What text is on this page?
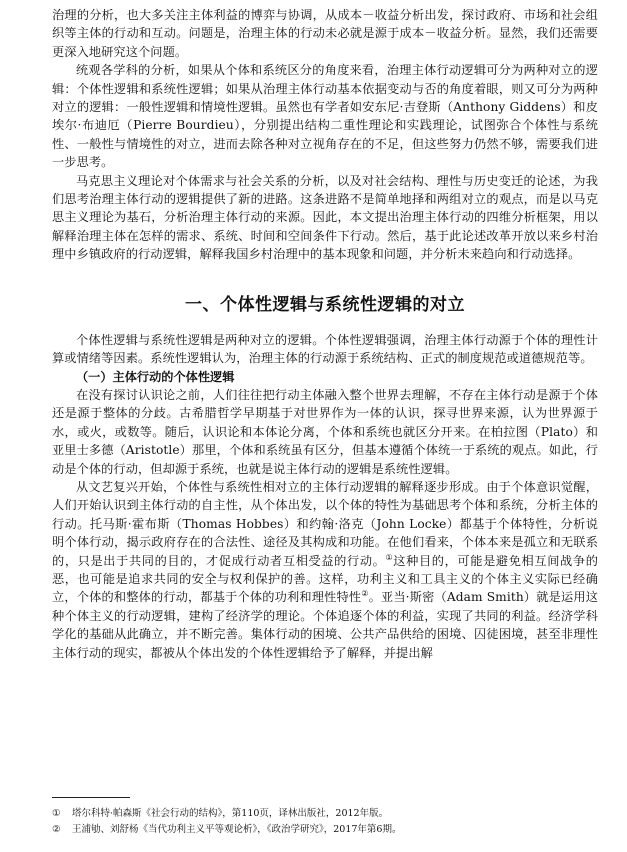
治理的分析，也大多关注主体利益的博弈与协调，从成本－收益分析出发，探讨政府、市场和社会组织等主体的行动和互动。问题是，治理主体的行动未必就是源于成本－收益分析。显然，我们还需要更深入地研究这个问题。

统观各学科的分析，如果从个体和系统区分的角度来看，治理主体行动逻辑可分为两种对立的逻辑：个体性逻辑和系统性逻辑；如果从治理主体行动基本依据变动与否的角度着眼，则又可分为两种对立的逻辑：一般性逻辑和情境性逻辑。虽然也有学者如安东尼·吉登斯（Anthony Giddens）和皮埃尔·布迪厄（Pierre Bourdieu），分别提出结构二重性理论和实践理论，试图弥合个体性与系统性、一般性与情境性的对立，进而去除各种对立视角存在的不足，但这些努力仍然不够，需要我们进一步思考。

马克思主义理论对个体需求与社会关系的分析，以及对社会结构、理性与历史变迁的论述，为我们思考治理主体行动的逻辑提供了新的进路。这条进路不是简单地择和两组对立的观点，而是以马克思主义理论为基石，分析治理主体行动的来源。因此，本文提出治理主体行动的四维分析框架，用以解释治理主体在怎样的需求、系统、时间和空间条件下行动。然后，基于此论述改革开放以来乡村治理中乡镇政府的行动逻辑，解释我国乡村治理中的基本现象和问题，并分析未来趋向和行动选择。

一、个体性逻辑与系统性逻辑的对立

个体性逻辑与系统性逻辑是两种对立的逻辑。个体性逻辑强调，治理主体行动源于个体的理性计算或情绪等因素。系统性逻辑认为，治理主体的行动源于系统结构、正式的制度规范或道德规范等。

（一）主体行动的个体性逻辑

在没有探讨认识论之前，人们往往把行动主体融入整个世界去理解，不存在主体行动是源于个体还是源于整体的分歧。古希腊哲学早期基于对世界作为一体的认识，探寻世界来源，认为世界源于水，或火，或数等。随后，认识论和本体论分离，个体和系统也就区分开来。在柏拉图（Plato）和亚里士多德（Aristotle）那里，个体和系统虽有区分，但基本遵循个体统一于系统的观点。如此，行动是个体的行动，但却源于系统，也就是说主体行动的逻辑是系统性逻辑。

从文艺复兴开始，个体性与系统性相对立的主体行动逻辑的解释逐步形成。由于个体意识觉醒，人们开始认识到主体行动的自主性，从个体出发，以个体的特性为基础思考个体和系统，分析主体的行动。托马斯·霍布斯（Thomas Hobbes）和约翰·洛克（John Locke）都基于个体特性，分析说明个体行动，揭示政府存在的合法性、途径及其构成和功能。在他们看来，个体本来是孤立和无联系的，只是出于共同的目的，才促成行动者互相受益的行动。①这种目的，可能是避免相互间战争的恶，也可能是追求共同的安全与权利保护的善。这样，功利主义和工具主义的个体主义实际已经确立，个体的和整体的行动，都基于个体的功利和理性特性②。亚当·斯密（Adam Smith）就是运用这种个体主义的行动逻辑，建构了经济学的理论。个体追逐个体的利益，实现了共同的利益。经济学科学化的基础从此确立，并不断完善。集体行动的困境、公共产品供给的困境、囚徒困境，甚至非理性主体行动的现实，都被从个体出发的个体性逻辑给予了解释，并提出解

①	塔尔科特·帕森斯《社会行动的结构》，第110页，译林出版社，2012年版。
②	王浦劬、刘舒杨《当代功利主义平等观论析》，《政治学研究》，2017年第6期。
